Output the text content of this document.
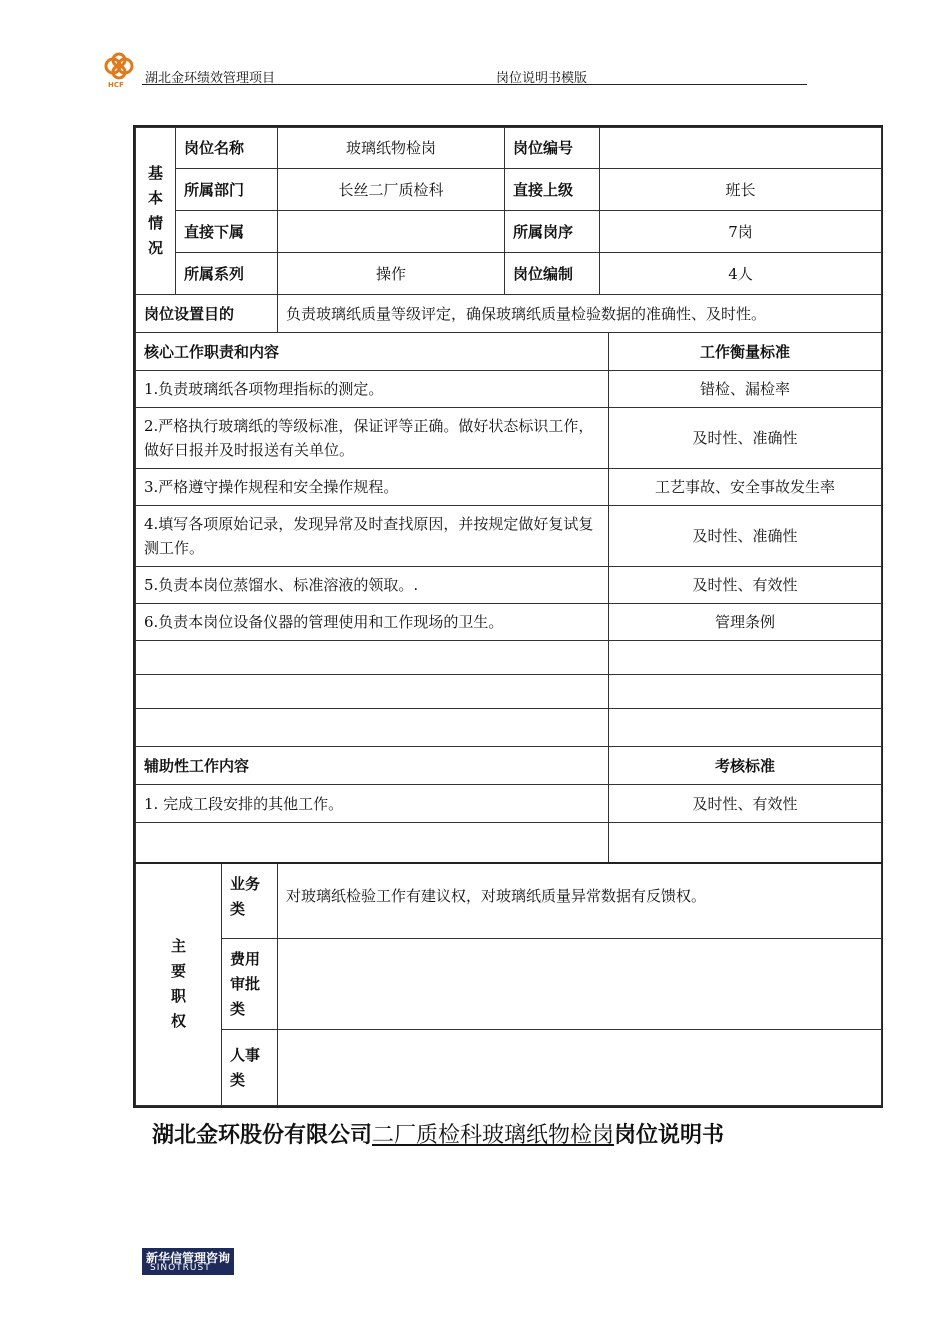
HCF 湖北金环绩效管理项目	岗位说明书模版
基
本
情
况	岗位名称		玻璃纸物检岗	岗位编号		
	所属部门		长丝二厂质检科	直接上级	班长	
	直接下属			所属岗序	7岗	
	所属系列		操作	岗位编制	4人	
岗位设置目的			负责玻璃纸质量等级评定，确保玻璃纸质量检验数据的准确性、及时性。			
核心工作职责和内容						工作衡量标准
1.负责玻璃纸各项物理指标的测定。						错检、漏检率
2.严格执行玻璃纸的等级标准，保证评等正确。做好状态标识工作，做好日报并及时报送有关单位。						及时性、准确性
3.严格遵守操作规程和安全操作规程。						工艺事故、安全事故发生率
4.填写各项原始记录，发现异常及时查找原因，并按规定做好复试复测工作。						及时性、准确性
5.负责本岗位蒸馏水、标准溶液的领取。.						及时性、有效性
6.负责本岗位设备仪器的管理使用和工作现场的卫生。						管理条例

辅助性工作内容						考核标准
1. 完成工段安排的其他工作。						及时性、有效性

主
要
职
权		业务类	对玻璃纸检验工作有建议权，对玻璃纸质量异常数据有反馈权。			
		费用审批类				
		人事类				
湖北金环股份有限公司二厂质检科玻璃纸物检岗岗位说明书
新华信管理咨询
SINOTRUST
